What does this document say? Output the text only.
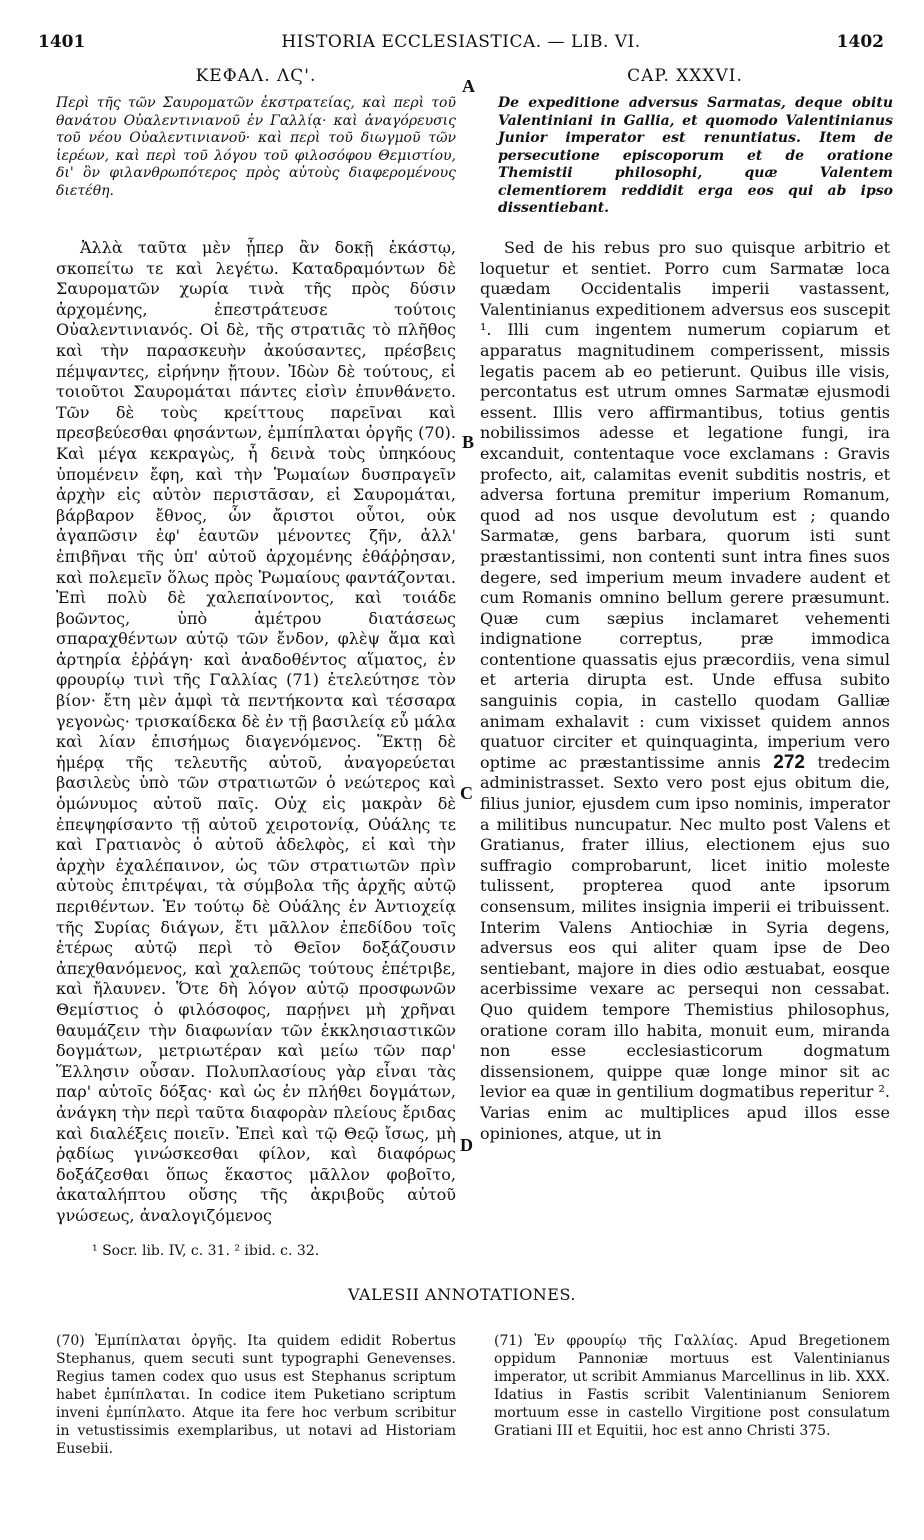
1401	HISTORIA ECCLESIASTICA. — LIB. VI.	1402
ΚΕΦΑΛ. ΛϚ'.	CAP. XXXVI.
A
B
C
D
Περὶ τῆς τῶν Σαυροματῶν ἐκστρατείας, καὶ περὶ τοῦ θανάτου Οὐαλεντινιανοῦ ἐν Γαλλίᾳ· καὶ ἀναγόρευσις τοῦ νέου Οὐαλεντινιανοῦ· καὶ περὶ τοῦ διωγμοῦ τῶν ἱερέων, καὶ περὶ τοῦ λόγου τοῦ φιλοσόφου Θεμιστίου, δι' ὃν φιλανθρωπότερος πρὸς αὐτοὺς διαφερομένους διετέθη.
De expeditione adversus Sarmatas, deque obitu Valentiniani in Gallia, et quomodo Valentinianus Junior imperator est renuntiatus. Item de persecutione episcoporum et de oratione Themistii philosophi, quæ Valentem clementiorem reddidit erga eos qui ab ipso dissentiebant.
Ἀλλὰ ταῦτα μὲν ᾗπερ ἂν δοκῇ ἑκάστῳ, σκοπείτω τε καὶ λεγέτω. Καταδραμόντων δὲ Σαυροματῶν χωρία τινὰ τῆς πρὸς δύσιν ἀρχομένης, ἐπεστράτευσε τούτοις Οὐαλεντινιανός. Οἱ δὲ, τῆς στρατιᾶς τὸ πλῆθος καὶ τὴν παρασκευὴν ἀκούσαντες, πρέσβεις πέμψαντες, εἰρήνην ᾔτουν. Ἰδὼν δὲ τούτους, εἰ τοιοῦτοι Σαυρομάται πάντες εἰσὶν ἐπυνθάνετο. Τῶν δὲ τοὺς κρείττους παρεῖναι καὶ πρεσβεύεσθαι φησάντων, ἐμπίπλαται ὀργῆς (70). Καὶ μέγα κεκραγὼς, ἦ δεινὰ τοὺς ὑπηκόους ὑπομένειν ἔφη, καὶ τὴν Ῥωμαίων δυσπραγεῖν ἀρχὴν εἰς αὐτὸν περιστᾶσαν, εἰ Σαυρομάται, βάρβαρον ἔθνος, ὧν ἄριστοι οὗτοι, οὐκ ἀγαπῶσιν ἐφ' ἑαυτῶν μένοντες ζῆν, ἀλλ' ἐπιβῆναι τῆς ὑπ' αὐτοῦ ἀρχομένης ἐθάῤῥησαν, καὶ πολεμεῖν ὅλως πρὸς Ῥωμαίους φαντάζονται. Ἐπὶ πολὺ δὲ χαλεπαίνοντος, καὶ τοιάδε βοῶντος, ὑπὸ ἀμέτρου διατάσεως σπαραχθέντων αὐτῷ τῶν ἔνδον, φλὲψ ἅμα καὶ ἀρτηρία ἐῤῥάγη· καὶ ἀναδοθέντος αἵματος, ἐν φρουρίῳ τινὶ τῆς Γαλλίας (71) ἐτελεύτησε τὸν βίον· ἔτη μὲν ἀμφὶ τὰ πεντήκοντα καὶ τέσσαρα γεγονὼς· τρισκαίδεκα δὲ ἐν τῇ βασιλείᾳ εὖ μάλα καὶ λίαν ἐπισήμως διαγενόμενος. Ἕκτῃ δὲ ἡμέρᾳ τῆς τελευτῆς αὐτοῦ, ἀναγορεύεται βασιλεὺς ὑπὸ τῶν στρατιωτῶν ὁ νεώτερος καὶ ὁμώνυμος αὐτοῦ παῖς. Οὐχ εἰς μακρὰν δὲ ἐπεψηφίσαντο τῇ αὐτοῦ χειροτονίᾳ, Οὐάλης τε καὶ Γρατιανὸς ὁ αὐτοῦ ἀδελφὸς, εἰ καὶ τὴν ἀρχὴν ἐχαλέπαινον, ὡς τῶν στρατιωτῶν πρὶν αὐτοὺς ἐπιτρέψαι, τὰ σύμβολα τῆς ἀρχῆς αὐτῷ περιθέντων. Ἐν τούτῳ δὲ Οὐάλης ἐν Ἀντιοχείᾳ τῆς Συρίας διάγων, ἔτι μᾶλλον ἐπεδίδου τοῖς ἑτέρως αὐτῷ περὶ τὸ Θεῖον δοξάζουσιν ἀπεχθανόμενος, καὶ χαλεπῶς τούτους ἐπέτριβε, καὶ ἤλαυνεν. Ὅτε δὴ λόγον αὐτῷ προσφωνῶν Θεμίστιος ὁ φιλόσοφος, παρῄνει μὴ χρῆναι θαυμάζειν τὴν διαφωνίαν τῶν ἐκκλησιαστικῶν δογμάτων, μετριωτέραν καὶ μείω τῶν παρ' Ἕλλησιν οὖσαν. Πολυπλασίους γὰρ εἶναι τὰς παρ' αὐτοῖς δόξας· καὶ ὡς ἐν πλήθει δογμάτων, ἀνάγκη τὴν περὶ ταῦτα διαφορὰν πλείους ἔριδας καὶ διαλέξεις ποιεῖν. Ἐπεὶ καὶ τῷ Θεῷ ἴσως, μὴ ῥᾳδίως γινώσκεσθαι φίλον, καὶ διαφόρως δοξάζεσθαι ὅπως ἕκαστος μᾶλλον φοβοῖτο, ἀκαταλήπτου οὔσης τῆς ἀκριβοῦς αὐτοῦ γνώσεως, ἀναλογιζόμενος
Sed de his rebus pro suo quisque arbitrio et loquetur et sentiet. Porro cum Sarmatæ loca quædam Occidentalis imperii vastassent, Valentinianus expeditionem adversus eos suscepit ¹. Illi cum ingentem numerum copiarum et apparatus magnitudinem comperissent, missis legatis pacem ab eo petierunt. Quibus ille visis, percontatus est utrum omnes Sarmatæ ejusmodi essent. Illis vero affirmantibus, totius gentis nobilissimos adesse et legatione fungi, ira excanduit, contentaque voce exclamans : Gravis profecto, ait, calamitas evenit subditis nostris, et adversa fortuna premitur imperium Romanum, quod ad nos usque devolutum est ; quando Sarmatæ, gens barbara, quorum isti sunt præstantissimi, non contenti sunt intra fines suos degere, sed imperium meum invadere audent et cum Romanis omnino bellum gerere præsumunt. Quæ cum sæpius inclamaret vehementi indignatione correptus, præ immodica contentione quassatis ejus præcordiis, vena simul et arteria dirupta est. Unde effusa subito sanguinis copia, in castello quodam Galliæ animam exhalavit : cum vixisset quidem annos quatuor circiter et quinquaginta, imperium vero optime ac præstantissime annis 272 tredecim administrasset. Sexto vero post ejus obitum die, filius junior, ejusdem cum ipso nominis, imperator a militibus nuncupatur. Nec multo post Valens et Gratianus, frater illius, electionem ejus suo suffragio comprobarunt, licet initio moleste tulissent, propterea quod ante ipsorum consensum, milites insignia imperii ei tribuissent. Interim Valens Antiochiæ in Syria degens, adversus eos qui aliter quam ipse de Deo sentiebant, majore in dies odio æstuabat, eosque acerbissime vexare ac persequi non cessabat. Quo quidem tempore Themistius philosophus, oratione coram illo habita, monuit eum, miranda non esse ecclesiasticorum dogmatum dissensionem, quippe quæ longe minor sit ac levior ea quæ in gentilium dogmatibus reperitur ². Varias enim ac multiplices apud illos esse opiniones, atque, ut in
¹ Socr. lib. IV, c. 31. ² ibid. c. 32.
VALESII ANNOTATIONES.
(70) Ἐμπίπλαται ὀργῆς. Ita quidem edidit Robertus Stephanus, quem secuti sunt typographi Genevenses. Regius tamen codex quo usus est Stephanus scriptum habet ἐμπίπλαται. In codice item Puketiano scriptum inveni ἐμπίπλατο. Atque ita fere hoc verbum scribitur in vetustissimis exemplaribus, ut notavi ad Historiam Eusebii.
(71) Ἐν φρουρίῳ τῆς Γαλλίας. Apud Bregetionem oppidum Pannoniæ mortuus est Valentinianus imperator, ut scribit Ammianus Marcellinus in lib. XXX. Idatius in Fastis scribit Valentinianum Seniorem mortuum esse in castello Virgitione post consulatum Gratiani III et Equitii, hoc est anno Christi 375.
